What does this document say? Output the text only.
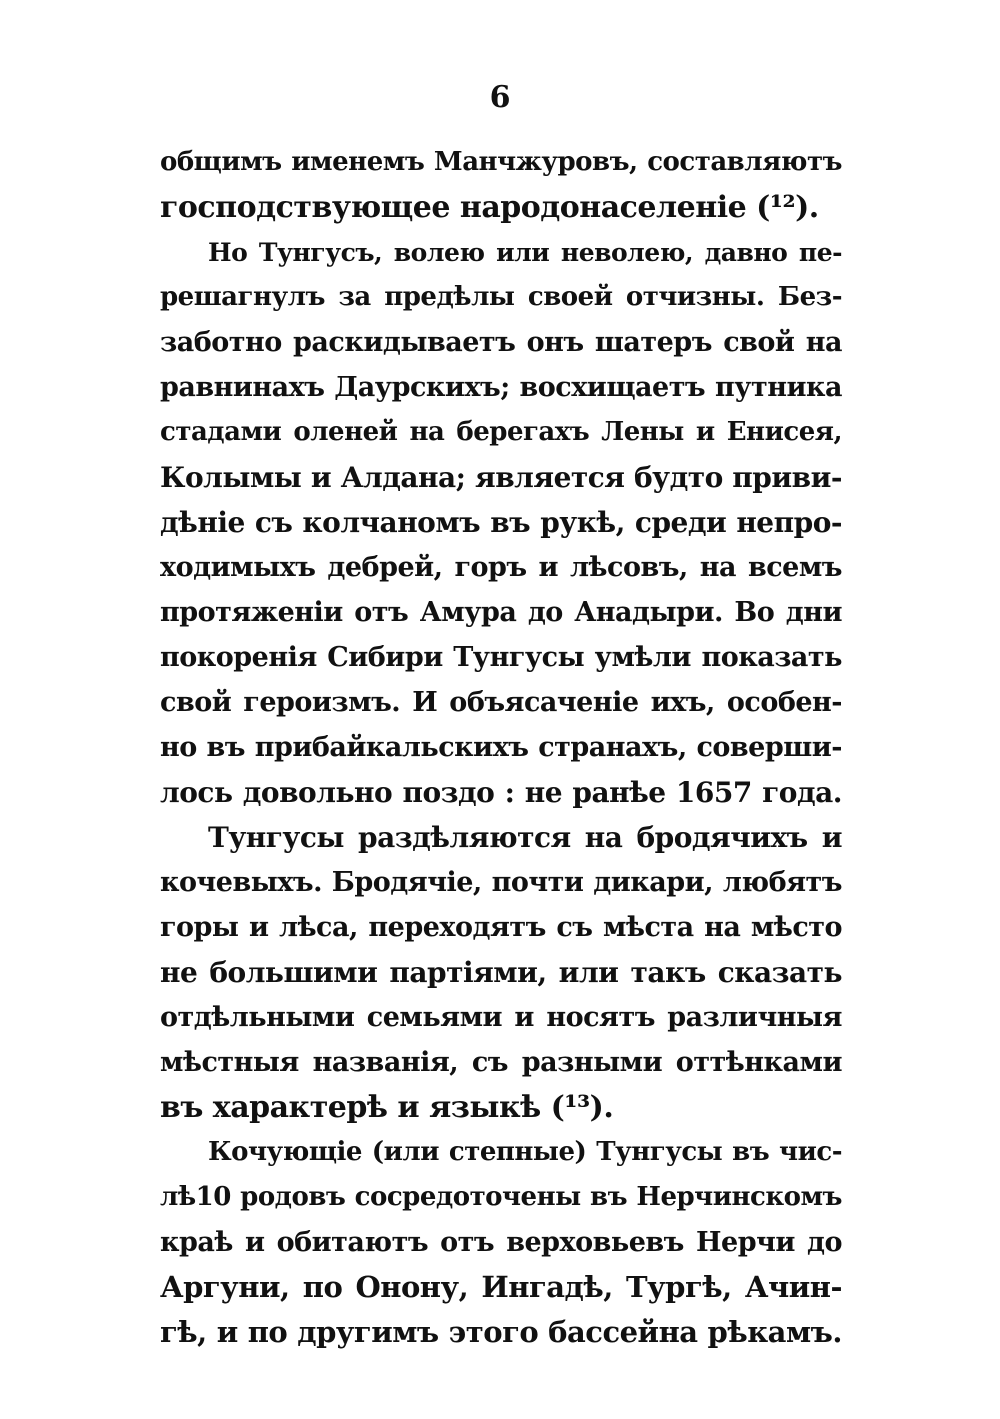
6
общимъ именемъ Манчжуровъ, составляютъ
господствующее народонаселеніе (¹²).
Но Тунгусъ, волею или неволею, давно пе-
решагнулъ за предѣлы своей отчизны. Без-
заботно раскидываетъ онъ шатеръ свой на
равнинахъ Даурскихъ; восхищаетъ путника
стадами оленей на берегахъ Лены и Енисея,
Колымы и Алдана; является будто приви-
дѣніе съ колчаномъ въ рукѣ, среди непро-
ходимыхъ дебрей, горъ и лѣсовъ, на всемъ
протяженіи отъ Амура до Анадыри. Во дни
покоренія Сибири Тунгусы умѣли показать
свой героизмъ. И объясаченіе ихъ, особен-
но въ прибайкальскихъ странахъ, соверши-
лось довольно поздо : не ранѣе 1657 года.
Тунгусы раздѣляются на бродячихъ и
кочевыхъ. Бродячіе, почти дикари, любятъ
горы и лѣса, переходятъ съ мѣста на мѣсто
не большими партіями, или такъ сказать
отдѣльными семьями и носятъ различныя
мѣстныя названія, съ разными оттѣнками
въ характерѣ и языкѣ (¹³).
Кочующіе (или степные) Тунгусы въ чис-
лѣ10 родовъ сосредоточены въ Нерчинскомъ
краѣ и обитаютъ отъ верховьевъ Нерчи до
Аргуни, по Онону, Ингадѣ, Тургѣ, Ачин-
гѣ, и по другимъ этого бассейна рѣкамъ.
